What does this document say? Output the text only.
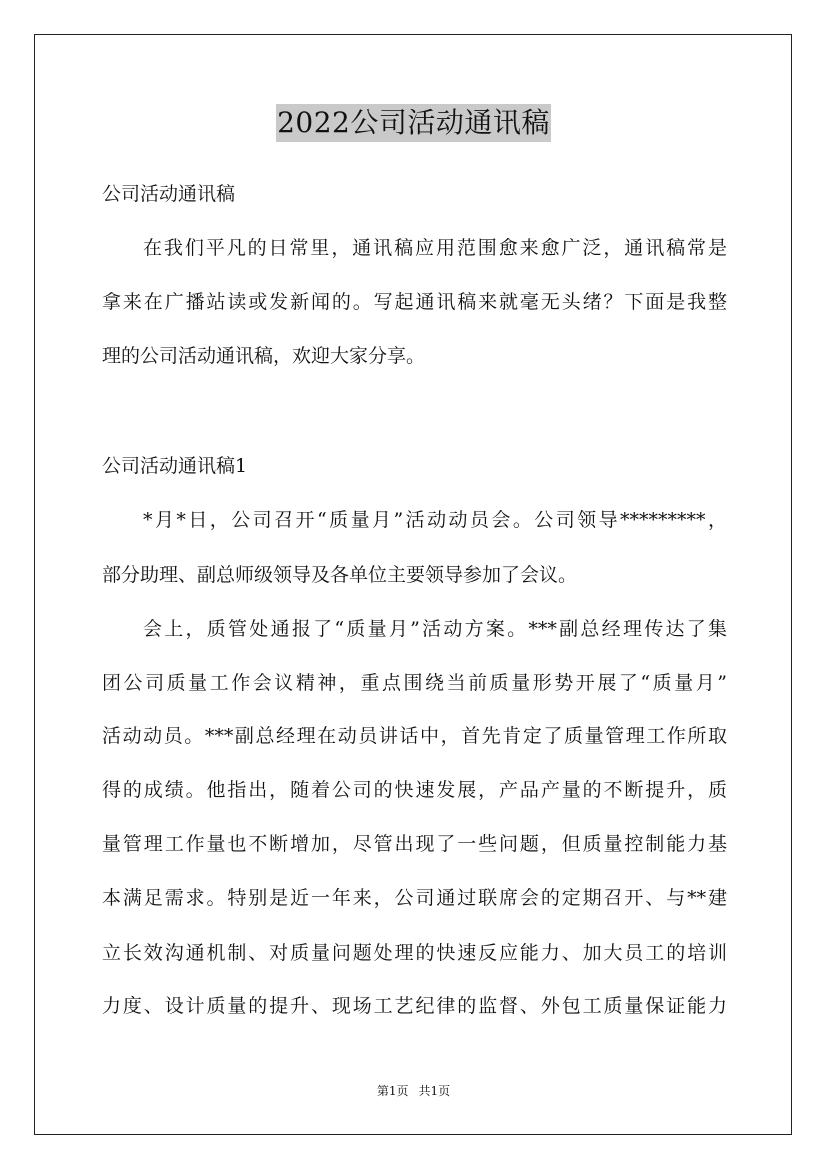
2022公司活动通讯稿
公司活动通讯稿
在我们平凡的日常里，通讯稿应用范围愈来愈广泛，通讯稿常是
拿来在广播站读或发新闻的。写起通讯稿来就毫无头绪？下面是我整
理的公司活动通讯稿，欢迎大家分享。
公司活动通讯稿1
*月*日，公司召开“质量月”活动动员会。公司领导*********，
部分助理、副总师级领导及各单位主要领导参加了会议。
会上，质管处通报了“质量月”活动方案。***副总经理传达了集
团公司质量工作会议精神，重点围绕当前质量形势开展了“质量月”
活动动员。***副总经理在动员讲话中，首先肯定了质量管理工作所取
得的成绩。他指出，随着公司的快速发展，产品产量的不断提升，质
量管理工作量也不断增加，尽管出现了一些问题，但质量控制能力基
本满足需求。特别是近一年来，公司通过联席会的定期召开、与**建
立长效沟通机制、对质量问题处理的快速反应能力、加大员工的培训
力度、设计质量的提升、现场工艺纪律的监督、外包工质量保证能力
第1页 共1页
